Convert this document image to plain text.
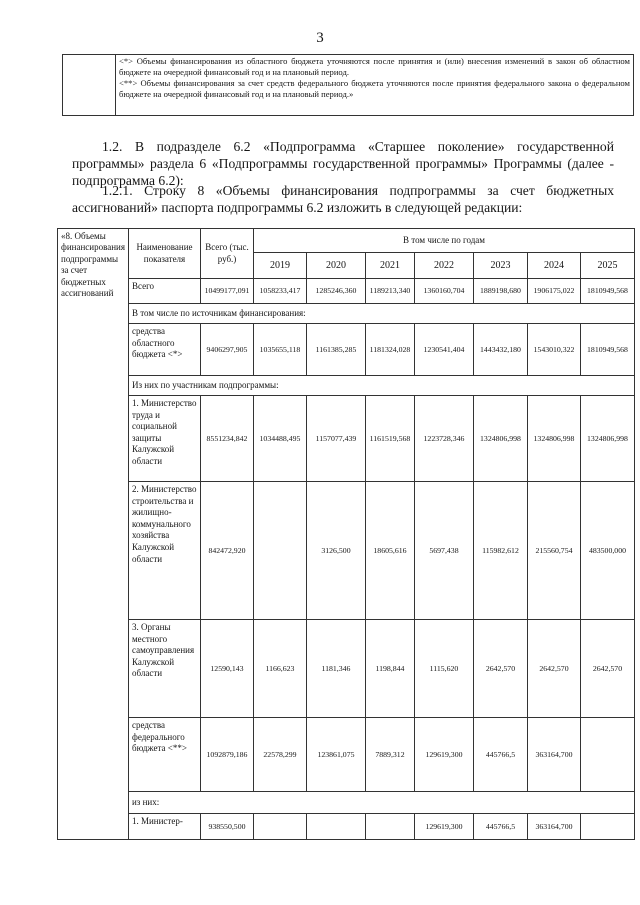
3

<*> Объемы финансирования из областного бюджета уточняются после принятия и (или) внесения изменений в закон об областном бюджете на очередной финансовый год и на плановый период.
<**> Объемы финансирования за счет средств федерального бюджета уточняются после принятия федерального закона о федеральном бюджете на очередной финансовый год и на плановый период.»
1.2. В подразделе 6.2 «Подпрограмма «Старшее поколение» государственной программы» раздела 6 «Подпрограммы государственной программы» Программы (далее - подпрограмма 6.2):
1.2.1. Строку 8 «Объемы финансирования подпрограммы за счет бюджетных ассигнований» паспорта подпрограммы 6.2 изложить в следующей редакции:
«8. Объемы финансирования подпрограммы за счет бюджетных ассигнований	Наименование показателя	Всего (тыс. руб.)	В том числе по годам						
			2019	2020	2021	2022	2023	2024	2025
	Всего	10499177,091	1058233,417	1285246,360	1189213,340	1360160,704	1889198,680	1906175,022	1810949,568
	В том числе по источникам финансирования:								
	средства областного бюджета <*>	9406297,905	1035655,118	1161385,285	1181324,028	1230541,404	1443432,180	1543010,322	1810949,568
	Из них по участникам подпрограммы:								
	1. Министерство труда и социальной защиты Калужской области	8551234,842	1034488,495	1157077,439	1161519,568	1223728,346	1324806,998	1324806,998	1324806,998
	2. Министерство строительства и жилищно-коммунального хозяйства Калужской области	842472,920		3126,500	18605,616	5697,438	115982,612	215560,754	483500,000
	3. Органы местного самоуправления Калужской области	12590,143	1166,623	1181,346	1198,844	1115,620	2642,570	2642,570	2642,570
	средства федерального бюджета <**>	1092879,186	22578,299	123861,075	7889,312	129619,300	445766,5	363164,700	
	из них:								
	1. Министер-	938550,500				129619,300	445766,5	363164,700	
